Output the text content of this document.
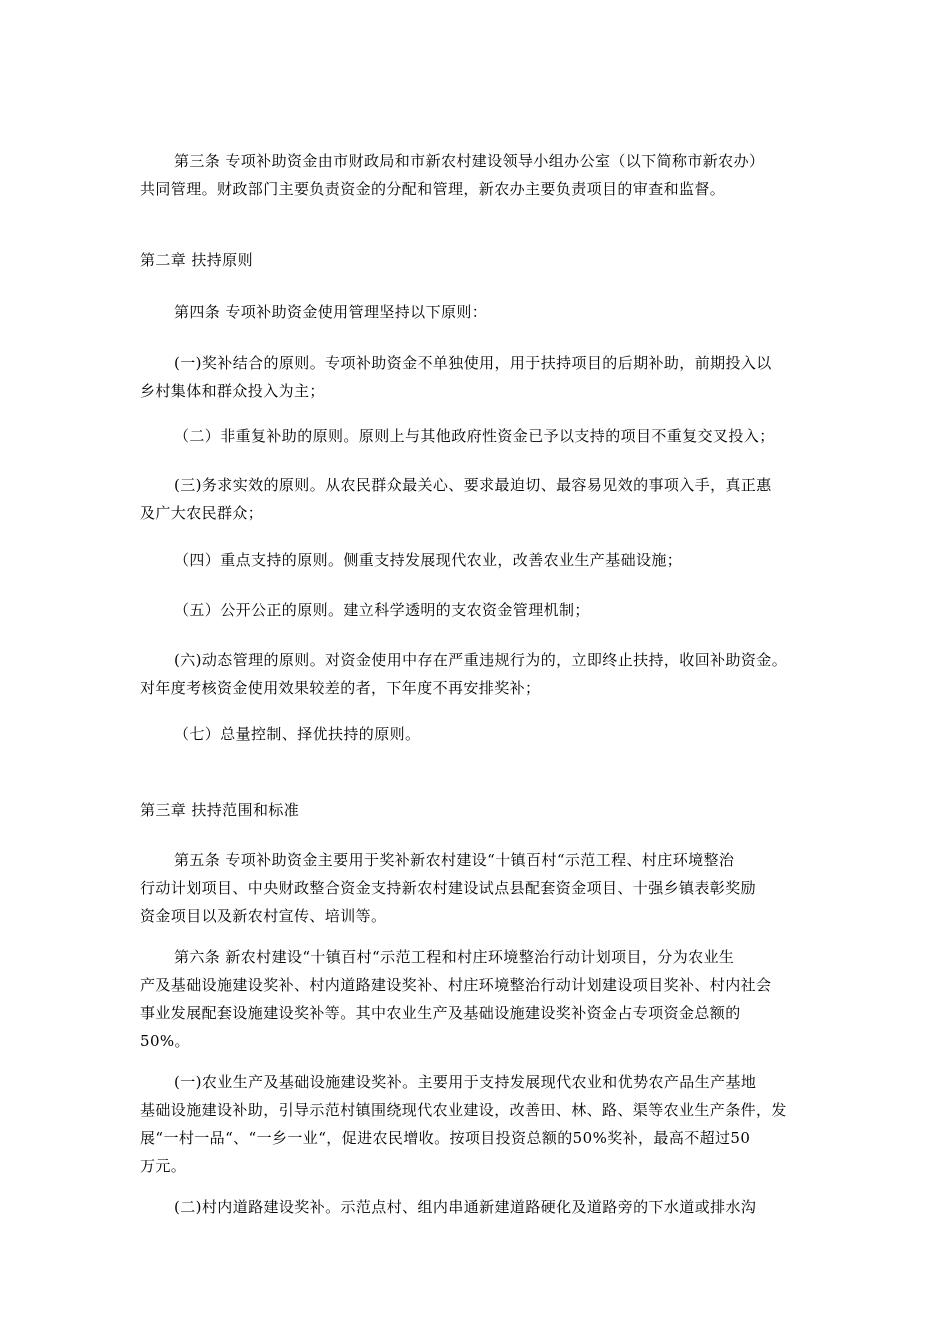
第三条 专项补助资金由市财政局和市新农村建设领导小组办公室（以下简称市新农办）
共同管理。财政部门主要负责资金的分配和管理，新农办主要负责项目的审查和监督。

第二章 扶持原则

第四条 专项补助资金使用管理坚持以下原则：

(一)奖补结合的原则。专项补助资金不单独使用，用于扶持项目的后期补助，前期投入以
乡村集体和群众投入为主；

（二）非重复补助的原则。原则上与其他政府性资金已予以支持的项目不重复交叉投入；

(三)务求实效的原则。从农民群众最关心、要求最迫切、最容易见效的事项入手，真正惠
及广大农民群众；

（四）重点支持的原则。侧重支持发展现代农业，改善农业生产基础设施；

（五）公开公正的原则。建立科学透明的支农资金管理机制；

(六)动态管理的原则。对资金使用中存在严重违规行为的，立即终止扶持，收回补助资金。
对年度考核资金使用效果较差的者，下年度不再安排奖补；

（七）总量控制、择优扶持的原则。

第三章 扶持范围和标准

第五条 专项补助资金主要用于奖补新农村建设“十镇百村“示范工程、村庄环境整治
行动计划项目、中央财政整合资金支持新农村建设试点县配套资金项目、十强乡镇表彰奖励
资金项目以及新农村宣传、培训等。

第六条 新农村建设“十镇百村“示范工程和村庄环境整治行动计划项目，分为农业生
产及基础设施建设奖补、村内道路建设奖补、村庄环境整治行动计划建设项目奖补、村内社会
事业发展配套设施建设奖补等。其中农业生产及基础设施建设奖补资金占专项资金总额的
50%。

(一)农业生产及基础设施建设奖补。主要用于支持发展现代农业和优势农产品生产基地
基础设施建设补助，引导示范村镇围绕现代农业建设，改善田、林、路、渠等农业生产条件，发
展“一村一品“、“一乡一业“，促进农民增收。按项目投资总额的50%奖补，最高不超过50
万元。

(二)村内道路建设奖补。示范点村、组内串通新建道路硬化及道路旁的下水道或排水沟
